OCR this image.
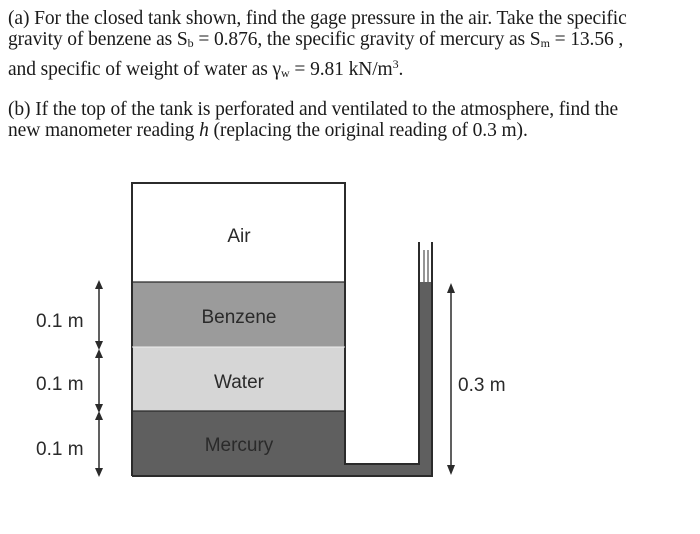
(a) For the closed tank shown, find the gage pressure in the air. Take the specific
gravity of benzene as $S_b = 0.876$, the specific gravity of mercury as $S_m = 13.56$ ,
and specific of weight of water as $\gamma_w = 9.81$ $kN/m^3$.
(b) If the top of the tank is perforated and ventilated to the atmosphere, find the
new manometer reading h (replacing the original reading of 0.3 m).
Air
Benzene
Water
Mercury
0.1 m
0.1 m
0.1 m
0.3 m
